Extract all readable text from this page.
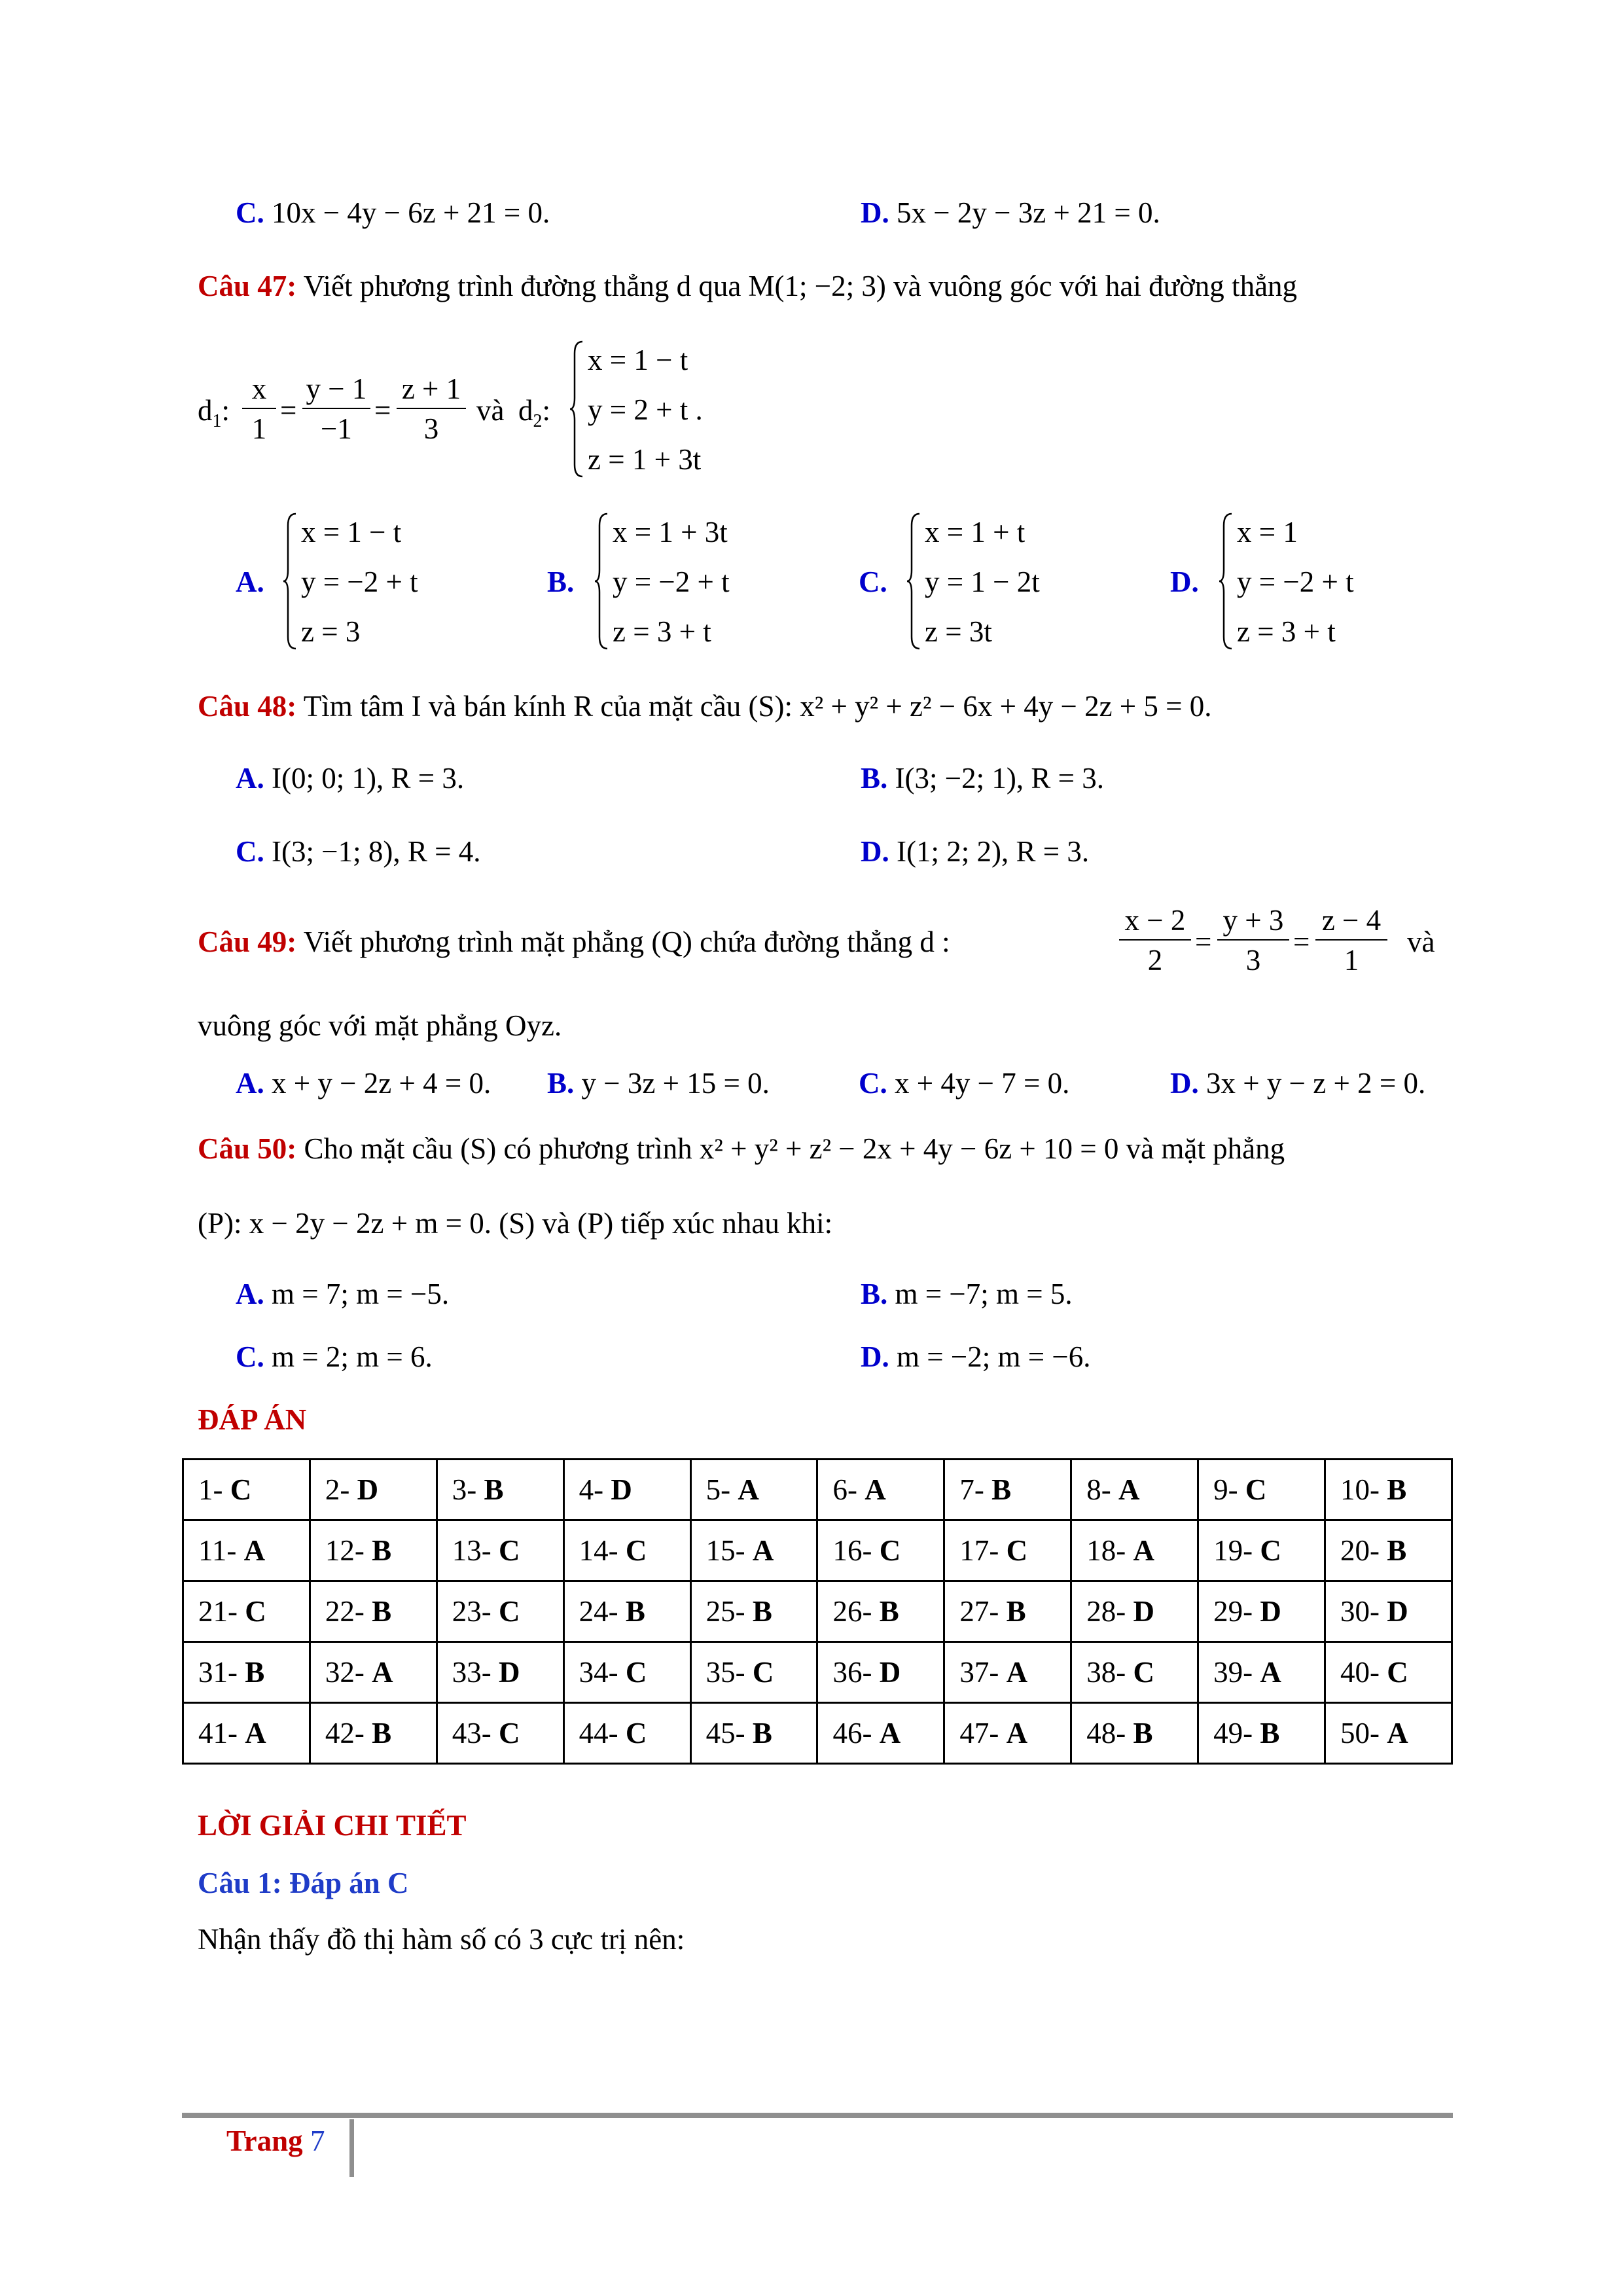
C. 10x − 4y − 6z + 21 = 0.	D. 5x − 2y − 3z + 21 = 0.
Câu 47: Viết phương trình đường thẳng d qua M(1; −2; 3) và vuông góc với hai đường thẳng
$d_1$: $\frac{x}{1} = \frac{y - 1}{-1} = \frac{z + 1}{3}$ và $d_2$:
x = 1 − t
y = 2 + t .
z = 1 + 3t
A.
x = 1 − t
y = −2 + t
z = 3
B.
x = 1 + 3t
y = −2 + t
z = 3 + t
C.
x = 1 + t
y = 1 − 2t
z = 3t
D.
x = 1
y = −2 + t
z = 3 + t
Câu 48: Tìm tâm I và bán kính R của mặt cầu (S): x² + y² + z² − 6x + 4y − 2z + 5 = 0.
A. I(0; 0; 1), R = 3.	B. I(3; −2; 1), R = 3.
C. I(3; −1; 8), R = 4.	D. I(1; 2; 2), R = 3.
Câu 49: Viết phương trình mặt phẳng (Q) chứa đường thẳng d :	$\frac{x - 2}{2} = \frac{y + 3}{3} = \frac{z - 4}{1}$ và
vuông góc với mặt phẳng Oyz.
A. x + y − 2z + 4 = 0. B. y − 3z + 15 = 0.	C. x + 4y − 7 = 0.	D. 3x + y − z + 2 = 0.
Câu 50: Cho mặt cầu (S) có phương trình x² + y² + z² − 2x + 4y − 6z + 10 = 0 và mặt phẳng
(P): x − 2y − 2z + m = 0. (S) và (P) tiếp xúc nhau khi:
A. m = 7; m = −5.	B. m = −7; m = 5.
C. m = 2; m = 6.	D. m = −2; m = −6.
ĐÁP ÁN
1- C	2- D	3- B	4- D	5- A	6- A	7- B	8- A	9- C	10- B
11- A	12- B	13- C	14- C	15- A	16- C	17- C	18- A	19- C	20- B
21- C	22- B	23- C	24- B	25- B	26- B	27- B	28- D	29- D	30- D
31- B	32- A	33- D	34- C	35- C	36- D	37- A	38- C	39- A	40- C
41- A	42- B	43- C	44- C	45- B	46- A	47- A	48- B	49- B	50- A
LỜI GIẢI CHI TIẾT
Câu 1: Đáp án C
Nhận thấy đồ thị hàm số có 3 cực trị nên:
Trang 7
